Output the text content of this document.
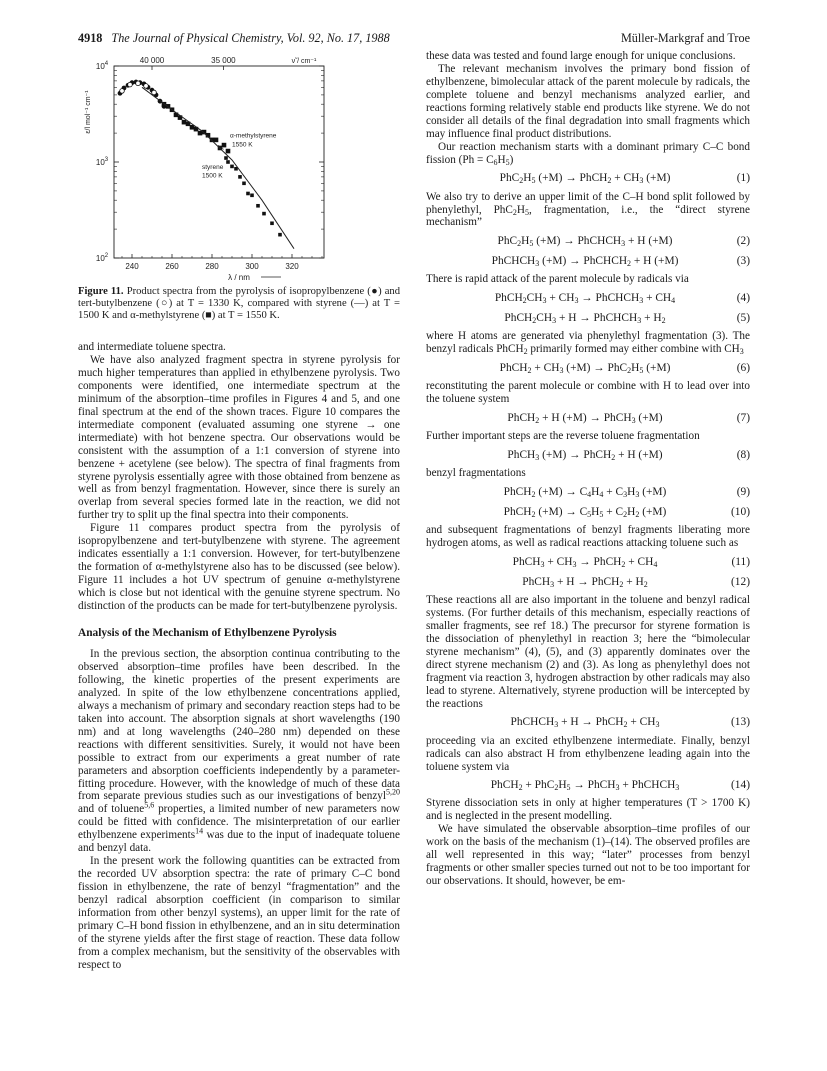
4918 The Journal of Physical Chemistry, Vol. 92, No. 17, 1988	Müller-Markgraf and Troe
240	260	280	300	320
λ / nm
40 000	35 000	ν̃ / cm⁻¹
$10^4$
$10^3$
$10^2$
ε/l mol⁻¹ cm⁻¹
α-methylstyrene
1550 K
styrene
1500 K
Figure 11. Product spectra from the pyrolysis of isopropylbenzene (●) and tert-butylbenzene (○) at T = 1330 K, compared with styrene (—) at T = 1500 K and α-methylstyrene (■) at T = 1550 K.

and intermediate toluene spectra.

We have also analyzed fragment spectra in styrene pyrolysis for much higher temperatures than applied in ethylbenzene pyrolysis. Two components were identified, one intermediate spectrum at the minimum of the absorption–time profiles in Figures 4 and 5, and one final spectrum at the end of the shown traces. Figure 10 compares the intermediate component (evaluated assuming one styrene → one intermediate) with hot benzene spectra. Our observations would be consistent with the assumption of a 1:1 conversion of styrene into benzene + acetylene (see below). The spectra of final fragments from styrene pyrolysis essentially agree with those obtained from benzene as well as from benzyl fragmentation. However, since there is surely an overlap from several species formed late in the reaction, we did not further try to split up the final spectra into their components.

Figure 11 compares product spectra from the pyrolysis of isopropylbenzene and tert-butylbenzene with styrene. The agreement indicates essentially a 1:1 conversion. However, for tert-butylbenzene the formation of α-methylstyrene also has to be discussed (see below). Figure 11 includes a hot UV spectrum of genuine α-methylstyrene which is close but not identical with the genuine styrene spectrum. No distinction of the products can be made for tert-butylbenzene pyrolysis.

Analysis of the Mechanism of Ethylbenzene Pyrolysis

In the previous section, the absorption continua contributing to the observed absorption–time profiles have been described. In the following, the kinetic properties of the present experiments are analyzed. In spite of the low ethylbenzene concentrations applied, always a mechanism of primary and secondary reaction steps had to be taken into account. The absorption signals at short wavelengths (190 nm) and at long wavelengths (240–280 nm) depended on these reactions with different sensitivities. Surely, it would not have been possible to extract from our experiments a great number of rate parameters and absorption coefficients independently by a parameter-fitting procedure. However, with the knowledge of much of these data from separate previous studies such as our investigations of benzyl$^{5,20}$ and of toluene$^{5,6}$ properties, a limited number of new parameters now could be fitted with confidence. The misinterpretation of our earlier ethylbenzene experiments$^{14}$ was due to the input of inadequate toluene and benzyl data.

In the present work the following quantities can be extracted from the recorded UV absorption spectra: the rate of primary C–C bond fission in ethylbenzene, the rate of benzyl “fragmentation” and the benzyl radical absorption coefficient (in comparison to similar information from other benzyl systems), an upper limit for the rate of primary C–H bond fission in ethylbenzene, and an in situ determination of the styrene yields after the first stage of reaction. These data follow from a complex mechanism, but the sensitivity of the observables with respect to

these data was tested and found large enough for unique conclusions.

The relevant mechanism involves the primary bond fission of ethylbenzene, bimolecular attack of the parent molecule by radicals, the complete toluene and benzyl mechanisms analyzed earlier, and reactions forming relatively stable end products like styrene. We do not consider all details of the final degradation into small fragments which may influence final product distributions.

Our reaction mechanism starts with a dominant primary C–C bond fission $(Ph = C_6H_5)$

$PhC_2H_5$ (+M) → PhCH$_2$ + $CH_3$ (+M)	(1)

We also try to derive an upper limit of the C–H bond split followed by phenylethyl, $PhC_2H_5$, fragmentation, i.e., the “direct styrene mechanism”

$PhC_2H_5$ (+M) → PhCHCH$_3$ + H (+M)	(2)
PhCHCH$_3$ (+M) → PhCHCH$_2$ + H (+M)	(3)

There is rapid attack of the parent molecule by radicals via

$PhCH_2CH_3 + CH_3$ → PhCHCH$_3$ + $CH_4$	(4)
$PhCH_2CH_3 + H$ → PhCHCH$_3$ + $H_2$	(5)

where H atoms are generated via phenylethyl fragmentation (3). The benzyl radicals PhCH$_2$ primarily formed may either combine with $CH_3$

PhCH$_2$ + $CH_3$ $(+M) \to PhC_2H_5$ (+M)	(6)

reconstituting the parent molecule or combine with H to lead over into the toluene system

PhCH$_2$ + H (+M) → PhCH$_3$ (+M)	(7)

Further important steps are the reverse toluene fragmentation

PhCH$_3$ (+M) → PhCH$_2$ + H (+M)	(8)

benzyl fragmentations

PhCH$_2$ $(+M) \to C_4H_4 + C_3H_3$ (+M)	(9)
PhCH$_2$ $(+M) \to C_5H_5 + C_2H_2$ (+M)	(10)

and subsequent fragmentations of benzyl fragments liberating more hydrogen atoms, as well as radical reactions attacking toluene such as

PhCH$_3$ + $CH_3$ → PhCH$_2$ + $CH_4$	(11)
PhCH$_3$ + H → PhCH$_2$ + $H_2$	(12)

These reactions all are also important in the toluene and benzyl radical systems. (For further details of this mechanism, especially reactions of smaller fragments, see ref 18.) The precursor for styrene formation is the dissociation of phenylethyl in reaction 3; here the “bimolecular styrene mechanism” (4), (5), and (3) apparently dominates over the direct styrene mechanism (2) and (3). As long as phenylethyl does not fragment via reaction 3, hydrogen abstraction by other radicals may also lead to styrene. Alternatively, styrene production will be intercepted by the reactions

PhCHCH$_3$ + H → PhCH$_2$ + $CH_3$	(13)

proceeding via an excited ethylbenzene intermediate. Finally, benzyl radicals can also abstract H from ethylbenzene leading again into the toluene system via

PhCH$_2$ + $PhC_2H_5$ → PhCH$_3$ + PhCHCH$_3$	(14)

Styrene dissociation sets in only at higher temperatures (T > 1700 K) and is neglected in the present modelling.

We have simulated the observable absorption–time profiles of our work on the basis of the mechanism (1)–(14). The observed profiles are all well represented in this way; “later” processes from benzyl fragments or other smaller species turned out not to be too important for our observations. It should, however, be em-
